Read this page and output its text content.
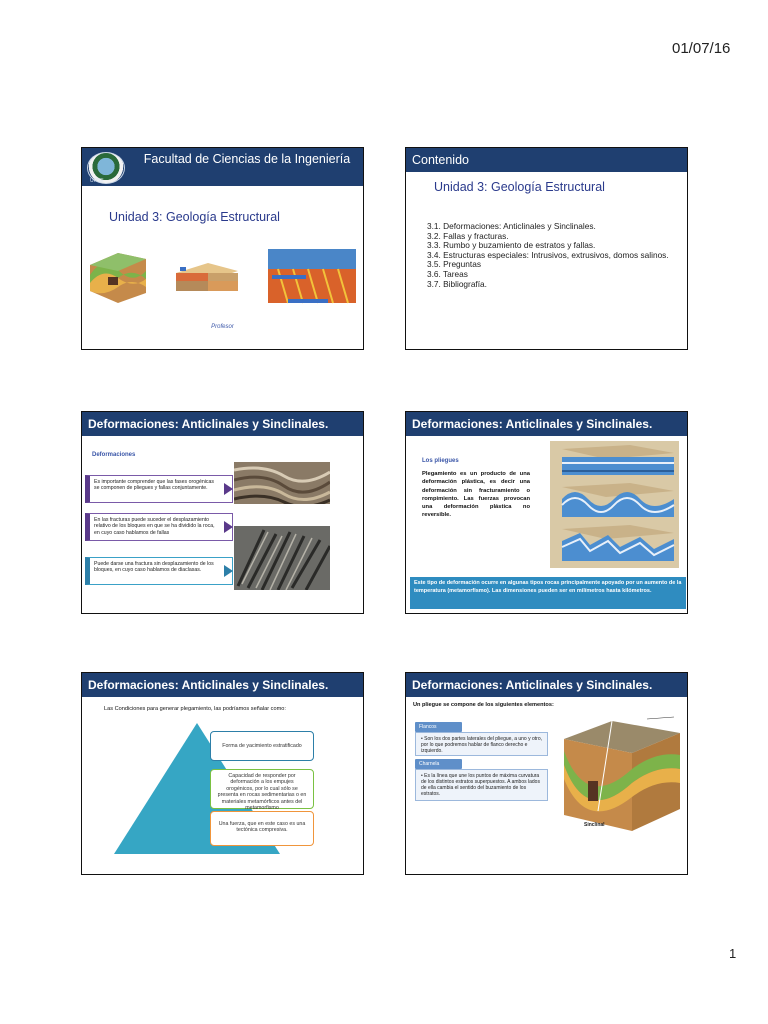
01/07/16
UPSE
Facultad de Ciencias de la Ingeniería
Unidad 3: Geología Estructural
Profesor
Contenido
Unidad 3: Geología Estructural
3.1. Deformaciones: Anticlinales y Sinclinales.
3.2. Fallas y fracturas.
3.3. Rumbo y buzamiento de estratos y fallas.
3.4. Estructuras especiales: Intrusivos, extrusivos, domos salinos.
3.5. Preguntas
3.6. Tareas
3.7. Bibliografía.
Deformaciones: Anticlinales y Sinclinales.
Deformaciones
Es importante comprender que las fases orogénicas se componen de pliegues y fallas conjuntamente.
En las fracturas puede suceder el desplazamiento relativo de los bloques en que se ha dividido la roca, en cuyo caso hablamos de fallas
Puede darse una fractura sin desplazamiento de los bloques, en cuyo caso hablamos de diaclasas.
Deformaciones: Anticlinales y Sinclinales.
Los pliegues
Plegamiento es un producto de una deformación plástica, es decir una deformación sin fracturamiento o rompimiento. Las fuerzas provocan una deformación plástica no reversible.
Este tipo de deformación ocurre en algunas tipos rocas principalmente apoyado por un aumento de la temperatura (metamorfismo). Las dimensiones pueden ser en milímetros hasta kilómetros.
Deformaciones: Anticlinales y Sinclinales.
Las Condiciones para generar plegamiento, las podríamos señalar como:
Forma de yacimiento estratificado
Capacidad de responder por deformación a los empujes orogénicos, por lo cual sólo se presenta en rocas sedimentarias o en materiales metamórficos antes del metamorfismo
Una fuerza, que en este caso es una tectónica compresiva.
Deformaciones: Anticlinales y Sinclinales.
Un pliegue se compone de los siguientes elementos:
Flancos
• Son los dos partes laterales del pliegue, a uno y otro, por lo que podremos hablar de flanco derecho e izquierdo.
Charnela
• Es la línea que une los puntos de máxima curvatura de los distintos estratos superpuestos. A ambos lados de ella cambia el sentido del buzamiento de los estratos.
Sinclinal
1
